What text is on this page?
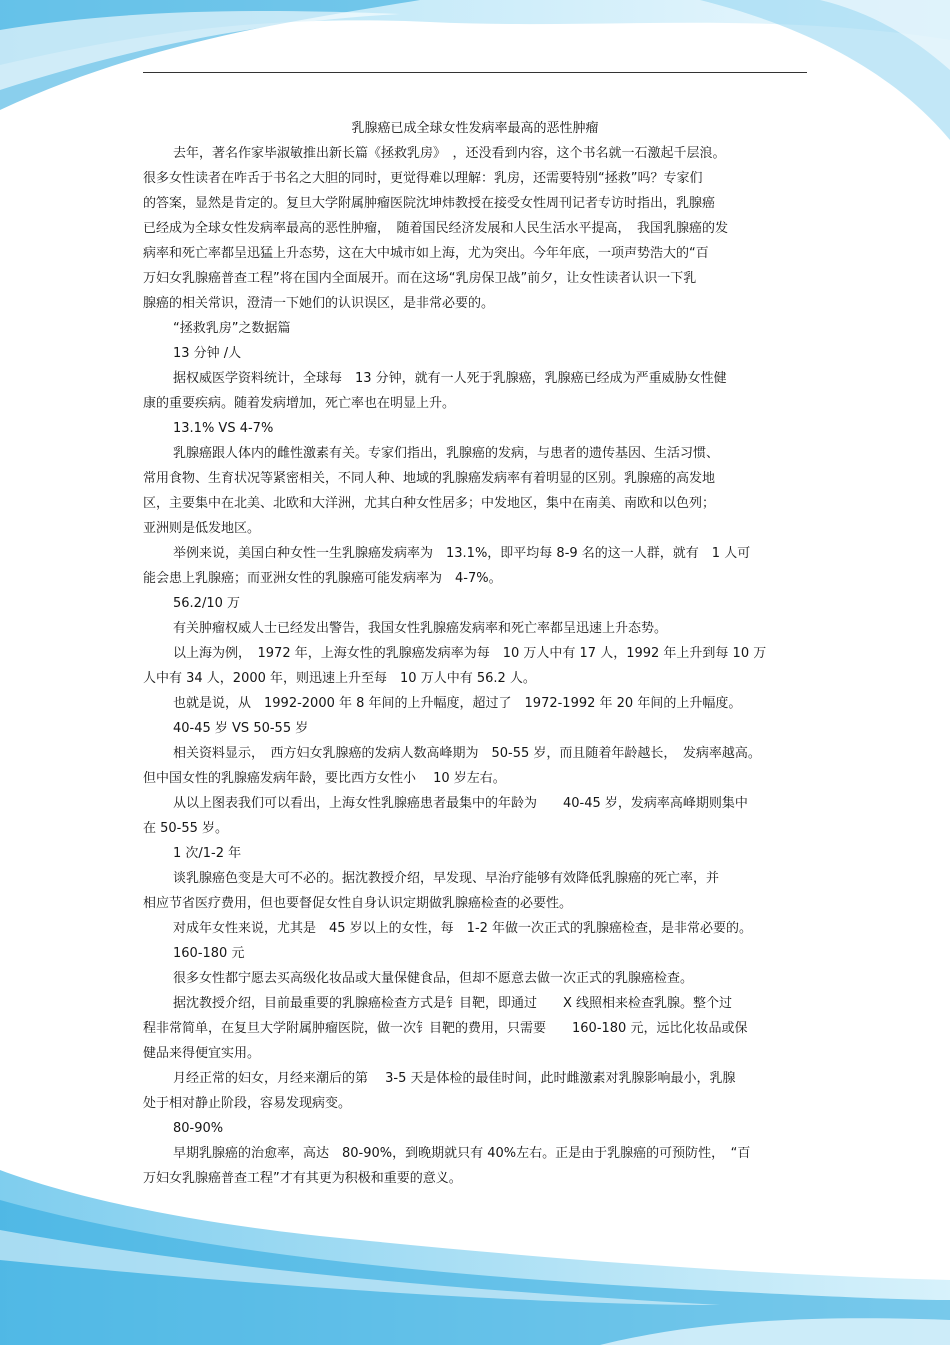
乳腺癌已成全球女性发病率最高的恶性肿瘤
去年，著名作家毕淑敏推出新长篇《拯救乳房》　，还没看到内容，这个书名就一石激起千层浪。
很多女性读者在咋舌于书名之大胆的同时，更觉得难以理解：乳房，还需要特别“拯救”吗？专家们
的答案，显然是肯定的。复旦大学附属肿瘤医院沈坤炜教授在接受女性周刊记者专访时指出，乳腺癌
已经成为全球女性发病率最高的恶性肿瘤，　随着国民经济发展和人民生活水平提高，　我国乳腺癌的发
病率和死亡率都呈迅猛上升态势，这在大中城市如上海，尤为突出。今年年底，一项声势浩大的“百
万妇女乳腺癌普查工程”将在国内全面展开。而在这场“乳房保卫战”前夕，让女性读者认识一下乳
腺癌的相关常识，澄清一下她们的认识误区，是非常必要的。
“拯救乳房”之数据篇
13 分钟 /人
据权威医学资料统计，全球每　13 分钟，就有一人死于乳腺癌，乳腺癌已经成为严重威胁女性健
康的重要疾病。随着发病增加，死亡率也在明显上升。
13.1% VS 4-7%
乳腺癌跟人体内的雌性激素有关。专家们指出，乳腺癌的发病，与患者的遗传基因、生活习惯、
常用食物、生育状况等紧密相关，不同人种、地域的乳腺癌发病率有着明显的区别。乳腺癌的高发地
区，主要集中在北美、北欧和大洋洲，尤其白种女性居多；中发地区，集中在南美、南欧和以色列；
亚洲则是低发地区。
举例来说，美国白种女性一生乳腺癌发病率为　13.1%，即平均每 8-9 名的这一人群，就有　1 人可
能会患上乳腺癌；而亚洲女性的乳腺癌可能发病率为　4-7%。
56.2/10 万
有关肿瘤权威人士已经发出警告，我国女性乳腺癌发病率和死亡率都呈迅速上升态势。
以上海为例，　1972 年，上海女性的乳腺癌发病率为每　10 万人中有 17 人，1992 年上升到每 10 万
人中有 34 人，2000 年，则迅速上升至每　10 万人中有 56.2 人。
也就是说，从　1992-2000 年 8 年间的上升幅度，超过了　1972-1992 年 20 年间的上升幅度。
40-45 岁 VS 50-55 岁
相关资料显示，　西方妇女乳腺癌的发病人数高峰期为　50-55 岁，而且随着年龄越长，　发病率越高。
但中国女性的乳腺癌发病年龄，要比西方女性小　 10 岁左右。
从以上图表我们可以看出，上海女性乳腺癌患者最集中的年龄为　　40-45 岁，发病率高峰期则集中
在 50-55 岁。
1 次/1-2 年
谈乳腺癌色变是大可不必的。据沈教授介绍，早发现、早治疗能够有效降低乳腺癌的死亡率，并
相应节省医疗费用，但也要督促女性自身认识定期做乳腺癌检查的必要性。
对成年女性来说，尤其是　45 岁以上的女性，每　1-2 年做一次正式的乳腺癌检查，是非常必要的。
160-180 元
很多女性都宁愿去买高级化妆品或大量保健食品，但却不愿意去做一次正式的乳腺癌检查。
据沈教授介绍，目前最重要的乳腺癌检查方式是钅目靶，即通过　　X 线照相来检查乳腺。整个过
程非常简单，在复旦大学附属肿瘤医院，做一次钅目靶的费用，只需要　　160-180 元，远比化妆品或保
健品来得便宜实用。
月经正常的妇女，月经来潮后的第　 3-5 天是体检的最佳时间，此时雌激素对乳腺影响最小，乳腺
处于相对静止阶段，容易发现病变。
80-90%
早期乳腺癌的治愈率，高达　80-90%，到晚期就只有 40%左右。正是由于乳腺癌的可预防性，　“百
万妇女乳腺癌普查工程”才有其更为积极和重要的意义。
